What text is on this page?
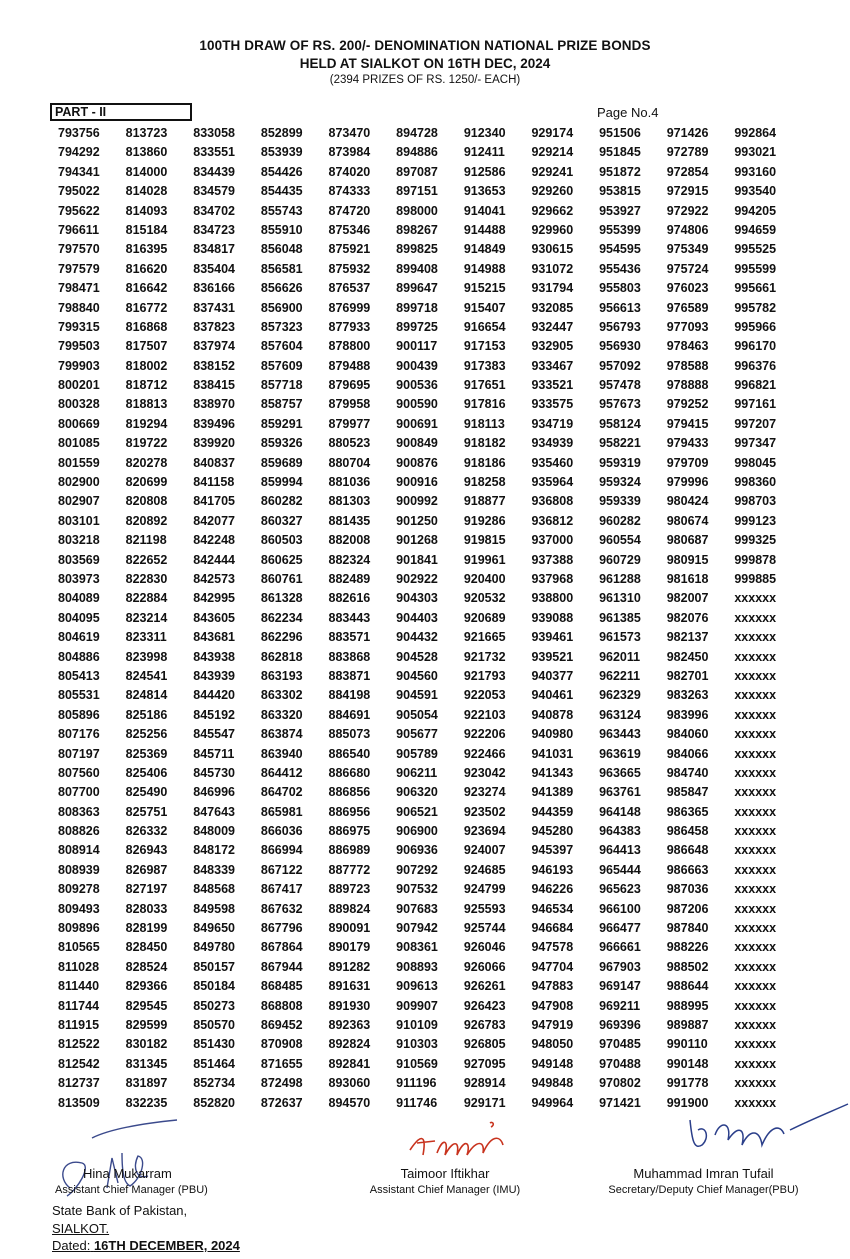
100TH DRAW OF RS. 200/- DENOMINATION NATIONAL PRIZE BONDS
HELD AT SIALKOT ON 16TH DEC, 2024
(2394 PRIZES OF RS. 1250/- EACH)
PART - II	Page No.4
793756	813723	833058	852899	873470	894728	912340	929174	951506	971426	992864
794292	813860	833551	853939	873984	894886	912411	929214	951845	972789	993021
794341	814000	834439	854426	874020	897087	912586	929241	951872	972854	993160
795022	814028	834579	854435	874333	897151	913653	929260	953815	972915	993540
795622	814093	834702	855743	874720	898000	914041	929662	953927	972922	994205
796611	815184	834723	855910	875346	898267	914488	929960	955399	974806	994659
797570	816395	834817	856048	875921	899825	914849	930615	954595	975349	995525
797579	816620	835404	856581	875932	899408	914988	931072	955436	975724	995599
798471	816642	836166	856626	876537	899647	915215	931794	955803	976023	995661
798840	816772	837431	856900	876999	899718	915407	932085	956613	976589	995782
799315	816868	837823	857323	877933	899725	916654	932447	956793	977093	995966
799503	817507	837974	857604	878800	900117	917153	932905	956930	978463	996170
799903	818002	838152	857609	879488	900439	917383	933467	957092	978588	996376
800201	818712	838415	857718	879695	900536	917651	933521	957478	978888	996821
800328	818813	838970	858757	879958	900590	917816	933575	957673	979252	997161
800669	819294	839496	859291	879977	900691	918113	934719	958124	979415	997207
801085	819722	839920	859326	880523	900849	918182	934939	958221	979433	997347
801559	820278	840837	859689	880704	900876	918186	935460	959319	979709	998045
802900	820699	841158	859994	881036	900916	918258	935964	959324	979996	998360
802907	820808	841705	860282	881303	900992	918877	936808	959339	980424	998703
803101	820892	842077	860327	881435	901250	919286	936812	960282	980674	999123
803218	821198	842248	860503	882008	901268	919815	937000	960554	980687	999325
803569	822652	842444	860625	882324	901841	919961	937388	960729	980915	999878
803973	822830	842573	860761	882489	902922	920400	937968	961288	981618	999885
804089	822884	842995	861328	882616	904303	920532	938800	961310	982007	xxxxxx
804095	823214	843605	862234	883443	904403	920689	939088	961385	982076	xxxxxx
804619	823311	843681	862296	883571	904432	921665	939461	961573	982137	xxxxxx
804886	823998	843938	862818	883868	904528	921732	939521	962011	982450	xxxxxx
805413	824541	843939	863193	883871	904560	921793	940377	962211	982701	xxxxxx
805531	824814	844420	863302	884198	904591	922053	940461	962329	983263	xxxxxx
805896	825186	845192	863320	884691	905054	922103	940878	963124	983996	xxxxxx
807176	825256	845547	863874	885073	905677	922206	940980	963443	984060	xxxxxx
807197	825369	845711	863940	886540	905789	922466	941031	963619	984066	xxxxxx
807560	825406	845730	864412	886680	906211	923042	941343	963665	984740	xxxxxx
807700	825490	846996	864702	886856	906320	923274	941389	963761	985847	xxxxxx
808363	825751	847643	865981	886956	906521	923502	944359	964148	986365	xxxxxx
808826	826332	848009	866036	886975	906900	923694	945280	964383	986458	xxxxxx
808914	826943	848172	866994	886989	906936	924007	945397	964413	986648	xxxxxx
808939	826987	848339	867122	887772	907292	924685	946193	965444	986663	xxxxxx
809278	827197	848568	867417	889723	907532	924799	946226	965623	987036	xxxxxx
809493	828033	849598	867632	889824	907683	925593	946534	966100	987206	xxxxxx
809896	828199	849650	867796	890091	907942	925744	946684	966477	987840	xxxxxx
810565	828450	849780	867864	890179	908361	926046	947578	966661	988226	xxxxxx
811028	828524	850157	867944	891282	908893	926066	947704	967903	988502	xxxxxx
811440	829366	850184	868485	891631	909613	926261	947883	969147	988644	xxxxxx
811744	829545	850273	868808	891930	909907	926423	947908	969211	988995	xxxxxx
811915	829599	850570	869452	892363	910109	926783	947919	969396	989887	xxxxxx
812522	830182	851430	870908	892824	910303	926805	948050	970485	990110	xxxxxx
812542	831345	851464	871655	892841	910569	927095	949148	970488	990148	xxxxxx
812737	831897	852734	872498	893060	911196	928914	949848	970802	991778	xxxxxx
813509	832235	852820	872637	894570	911746	929171	949964	971421	991900	xxxxxx
Hina Mukarram
Assistant Chief Manager (PBU)
Taimoor Iftikhar
Assistant Chief Manager (IMU)
Muhammad Imran Tufail
Secretary/Deputy Chief Manager(PBU)
State Bank of Pakistan,
SIALKOT.
Dated: 16TH DECEMBER, 2024
